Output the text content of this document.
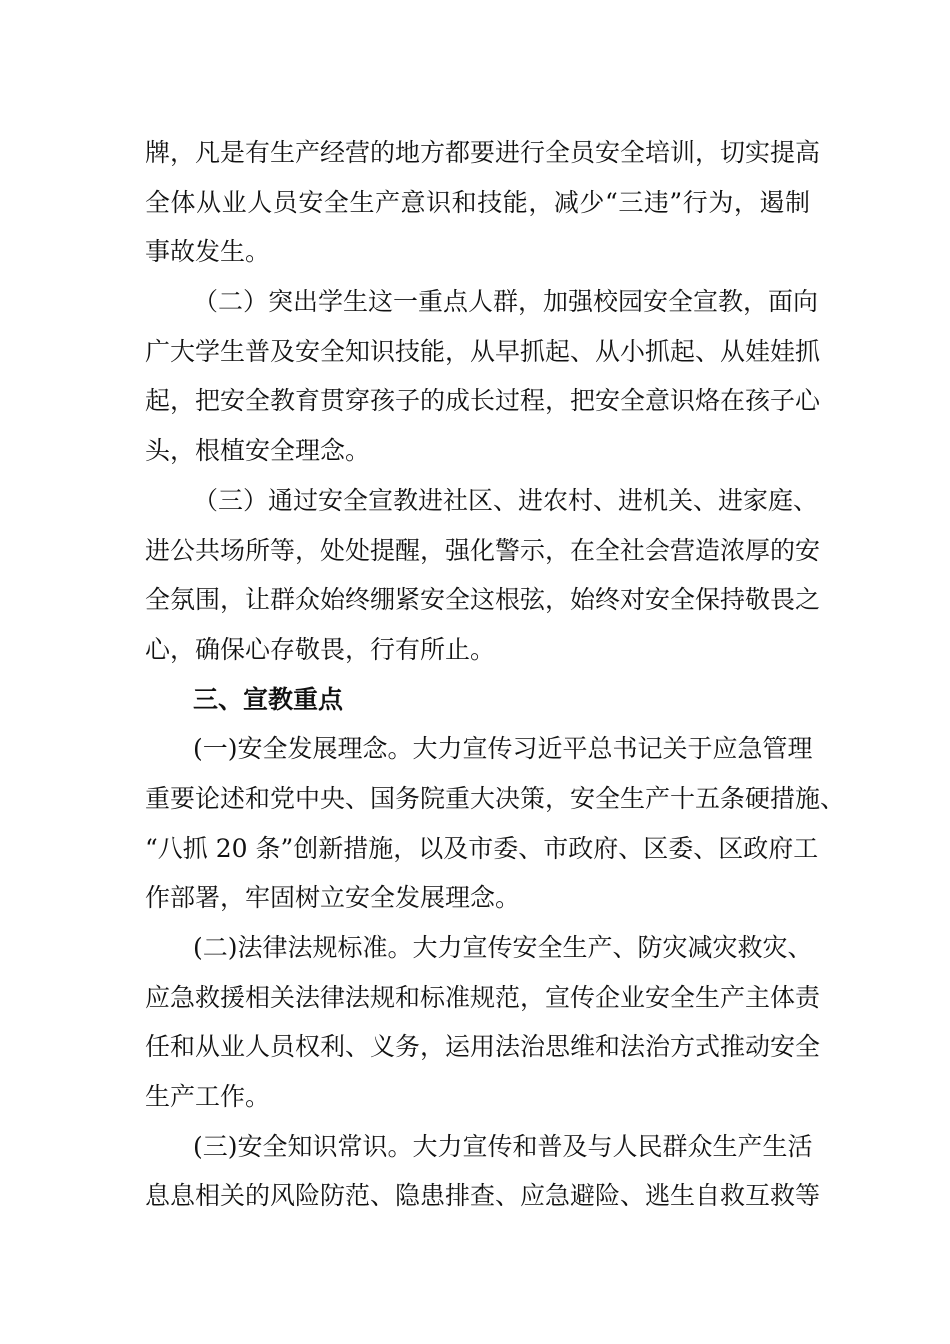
牌，凡是有生产经营的地方都要进行全员安全培训，切实提高
全体从业人员安全生产意识和技能，减少“三违”行为，遏制
事故发生。
（二）突出学生这一重点人群，加强校园安全宣教，面向
广大学生普及安全知识技能，从早抓起、从小抓起、从娃娃抓
起，把安全教育贯穿孩子的成长过程，把安全意识烙在孩子心
头，根植安全理念。
（三）通过安全宣教进社区、进农村、进机关、进家庭、
进公共场所等，处处提醒，强化警示，在全社会营造浓厚的安
全氛围，让群众始终绷紧安全这根弦，始终对安全保持敬畏之
心，确保心存敬畏，行有所止。
三、宣教重点
(一)安全发展理念。大力宣传习近平总书记关于应急管理
重要论述和党中央、国务院重大决策，安全生产十五条硬措施、
“八抓 20 条”创新措施，以及市委、市政府、区委、区政府工
作部署，牢固树立安全发展理念。
(二)法律法规标准。大力宣传安全生产、防灾减灾救灾、
应急救援相关法律法规和标准规范，宣传企业安全生产主体责
任和从业人员权利、义务，运用法治思维和法治方式推动安全
生产工作。
(三)安全知识常识。大力宣传和普及与人民群众生产生活
息息相关的风险防范、隐患排查、应急避险、逃生自救互救等
